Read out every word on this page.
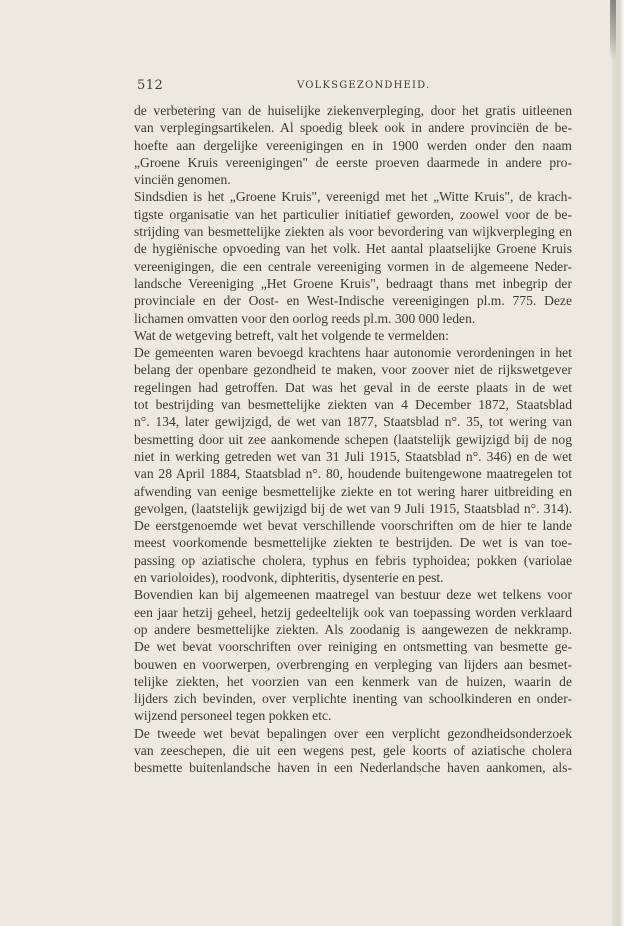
512	VOLKSGEZONDHEID.
de verbetering van de huiselijke ziekenverpleging, door het gratis uitleenen
van verplegingsartikelen. Al spoedig bleek ook in andere provinciën de be-
hoefte aan dergelijke vereenigingen en in 1900 werden onder den naam
„Groene Kruis vereenigingen" de eerste proeven daarmede in andere pro-
vinciën genomen.
Sindsdien is het „Groene Kruis", vereenigd met het „Witte Kruis", de krach-
tigste organisatie van het particulier initiatief geworden, zoowel voor de be-
strijding van besmettelijke ziekten als voor bevordering van wijkverpleging en
de hygiënische opvoeding van het volk. Het aantal plaatselijke Groene Kruis
vereenigingen, die een centrale vereeniging vormen in de algemeene Neder-
landsche Vereeniging „Het Groene Kruis", bedraagt thans met inbegrip der
provinciale en der Oost- en West-Indische vereenigingen pl.m. 775. Deze
lichamen omvatten voor den oorlog reeds pl.m. 300 000 leden.
Wat de wetgeving betreft, valt het volgende te vermelden:
De gemeenten waren bevoegd krachtens haar autonomie verordeningen in het
belang der openbare gezondheid te maken, voor zoover niet de rijkswetgever
regelingen had getroffen. Dat was het geval in de eerste plaats in de wet
tot bestrijding van besmettelijke ziekten van 4 December 1872, Staatsblad
n°. 134, later gewijzigd, de wet van 1877, Staatsblad n°. 35, tot wering van
besmetting door uit zee aankomende schepen (laatstelijk gewijzigd bij de nog
niet in werking getreden wet van 31 Juli 1915, Staatsblad n°. 346) en de wet
van 28 April 1884, Staatsblad n°. 80, houdende buitengewone maatregelen tot
afwending van eenige besmettelijke ziekte en tot wering harer uitbreiding en
gevolgen, (laatstelijk gewijzigd bij de wet van 9 Juli 1915, Staatsblad n°. 314).
De eerstgenoemde wet bevat verschillende voorschriften om de hier te lande
meest voorkomende besmettelijke ziekten te bestrijden. De wet is van toe-
passing op aziatische cholera, typhus en febris typhoidea; pokken (variolae
en varioloides), roodvonk, diphteritis, dysenterie en pest.
Bovendien kan bij algemeenen maatregel van bestuur deze wet telkens voor
een jaar hetzij geheel, hetzij gedeeltelijk ook van toepassing worden verklaard
op andere besmettelijke ziekten. Als zoodanig is aangewezen de nekkramp.
De wet bevat voorschriften over reiniging en ontsmetting van besmette ge-
bouwen en voorwerpen, overbrenging en verpleging van lijders aan besmet-
telijke ziekten, het voorzien van een kenmerk van de huizen, waarin de
lijders zich bevinden, over verplichte inenting van schoolkinderen en onder-
wijzend personeel tegen pokken etc.
De tweede wet bevat bepalingen over een verplicht gezondheidsonderzoek
van zeeschepen, die uit een wegens pest, gele koorts of aziatische cholera
besmette buitenlandsche haven in een Nederlandsche haven aankomen, als-
